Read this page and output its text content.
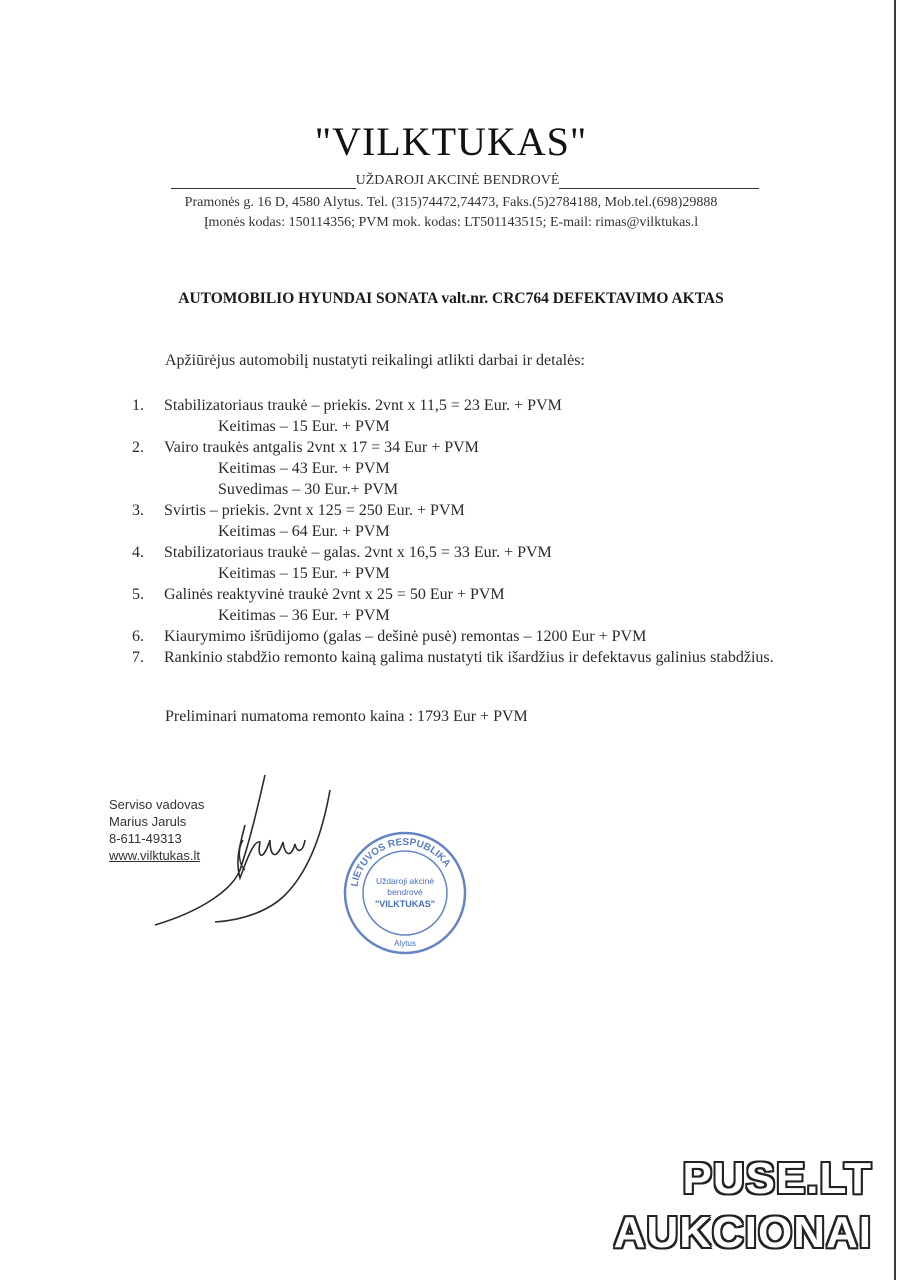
"VILKTUKAS"
UŽDAROJI AKCINĖ BENDROVĖ
Pramonės g. 16 D, 4580 Alytus. Tel. (315)74472,74473, Faks.(5)2784188, Mob.tel.(698)29888
Įmonės kodas: 150114356; PVM mok. kodas: LT501143515; E-mail: rimas@vilktukas.l
AUTOMOBILIO HYUNDAI SONATA valt.nr. CRC764 DEFEKTAVIMO AKTAS
Apžiūrėjus automobilį nustatyti reikalingi atlikti darbai ir detalės:
1.	Stabilizatoriaus traukė – priekis. 2vnt x 11,5 = 23 Eur. + PVM
Keitimas – 15 Eur. + PVM
2.	Vairo traukės antgalis 2vnt x 17 = 34 Eur + PVM
Keitimas – 43 Eur. + PVM
Suvedimas – 30 Eur.+ PVM
3.	Svirtis – priekis. 2vnt x 125 = 250 Eur. + PVM
Keitimas – 64 Eur. + PVM
4.	Stabilizatoriaus traukė – galas. 2vnt x 16,5 = 33 Eur. + PVM
Keitimas – 15 Eur. + PVM
5.	Galinės reaktyvinė traukė 2vnt x 25 = 50 Eur + PVM
Keitimas – 36 Eur. + PVM
6.	Kiaurymimo išrūdijomo (galas – dešinė pusė) remontas – 1200 Eur + PVM
7.	Rankinio stabdžio remonto kainą galima nustatyti tik išardžius ir defektavus galinius stabdžius.
Preliminari numatoma remonto kaina : 1793 Eur + PVM
Serviso vadovas
Marius Jaruls
8-611-49313
www.vilktukas.lt
LIETUVOS RESPUBLIKA
Uždaroji akcinė
bendrovė
"VILKTUKAS"
Alytus
PUSE.LT
AUKCIONAI
